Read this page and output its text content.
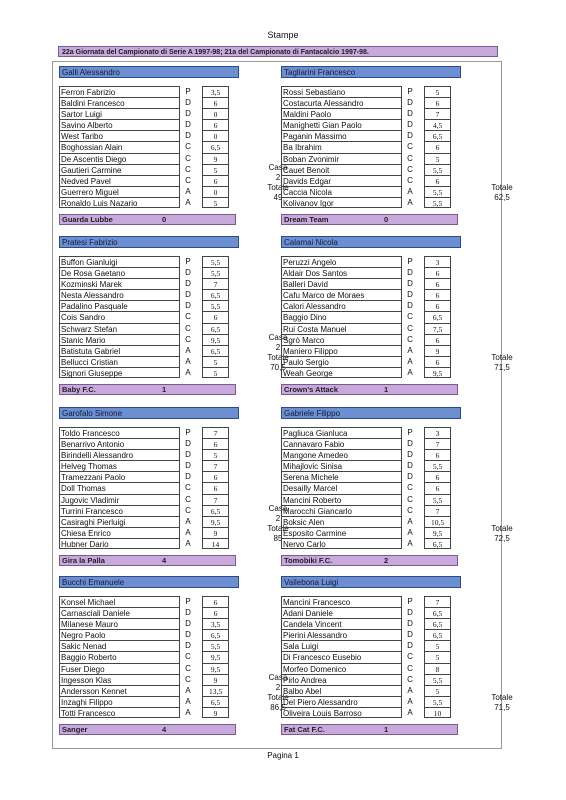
Stampe
22a Giornata del Campionato di Serie A 1997-98; 21a del Campionato di Fantacalcio 1997-98.
Galli Alessandro
Ferron Fabrizio	P	3,5
Baldini Francesco	D	6
Sartor Luigi	D	0
Savino Alberto	D	6
West Taribo	D	0
Boghossian Alain	C	6,5
De Ascentis Diego	C	9
Gautieri Carmine	C	5
Nedved Pavel	C	6
Guerrero Miguel	A	0
Ronaldo Luis Nazario	A	5
Guarda Lubbe	0
Casa
2
Totale
49
Tagliarini Francesco
Rossi Sebastiano	P	5
Costacurta Alessandro	D	6
Maldini Paolo	D	7
Manighetti Gian Paolo	D	4,5
Paganin Massimo	D	6,5
Ba Ibrahim	C	6
Boban Zvonimir	C	5
Cauet Benoit	C	5,5
Davids Edgar	C	6
Caccia Nicola	A	5,5
Kolivanov Igor	A	5,5
Dream Team	0
Totale
62,5
Pratesi Fabrizio
Buffon Gianluigi	P	5,5
De Rosa Gaetano	D	5,5
Kozminski Marek	D	7
Nesta Alessandro	D	6,5
Padalino Pasquale	D	5,5
Cois Sandro	C	6
Schwarz Stefan	C	6,5
Stanic Mario	C	9,5
Batistuta Gabriel	A	6,5
Bellucci Cristian	A	5
Signori Giuseppe	A	5
Baby F.C.	1
Casa
2
Totale
70,5
Calamai Nicola
Peruzzi Angelo	P	3
Aldair Dos Santos	D	6
Balleri David	D	6
Cafu Marco de Moraes	D	6
Calori Alessandro	D	6
Baggio Dino	C	6,5
Rui Costa Manuel	C	7,5
Sgrò Marco	C	6
Maniero Filippo	A	9
Paulo Sergio	A	6
Weah George	A	9,5
Crown's Attack	1
Totale
71,5
Garofalo Simone
Toldo Francesco	P	7
Benarrivo Antonio	D	6
Birindelli Alessandro	D	5
Helveg Thomas	D	7
Tramezzani Paolo	D	6
Doll Thomas	C	6
Jugovic Vladimir	C	7
Turrini Francesco	C	6,5
Casiraghi Pierluigi	A	9,5
Chiesa Enrico	A	9
Hubner Dario	A	14
Gira la Palla	4
Casa
2
Totale
85
Gabriele Filippo
Pagliuca Gianluca	P	3
Cannavaro Fabio	D	7
Mangone Amedeo	D	6
Mihajlovic Sinisa	D	5,5
Serena Michele	D	6
Desailly Marcel	C	6
Mancini Roberto	C	5,5
Marocchi Giancarlo	C	7
Boksic Alen	A	10,5
Esposito Carmine	A	9,5
Nervo Carlo	A	6,5
Tomobiki F.C.	2
Totale
72,5
Bucchi Emanuele
Konsel Michael	P	6
Carnasciali Daniele	D	6
Milanese Mauro	D	3,5
Negro Paolo	D	6,5
Sakic Nenad	D	5,5
Baggio Roberto	C	9,5
Fuser Diego	C	9,5
Ingesson Klas	C	9
Andersson Kennet	A	13,5
Inzaghi Filippo	A	6,5
Totti Francesco	A	9
Sanger	4
Casa
2
Totale
86,5
Vallebona Luigi
Mancini Francesco	P	7
Adani Daniele	D	6,5
Candela Vincent	D	6,5
Pierini Alessandro	D	6,5
Sala Luigi	D	5
Di Francesco Eusebio	C	5
Morfeo Domenico	C	8
Pirlo Andrea	C	5,5
Balbo Abel	A	5
Del Piero Alessandro	A	5,5
Oliveira Louis Barroso	A	10
Fat Cat F.C.	1
Totale
71,5
Pagina 1
